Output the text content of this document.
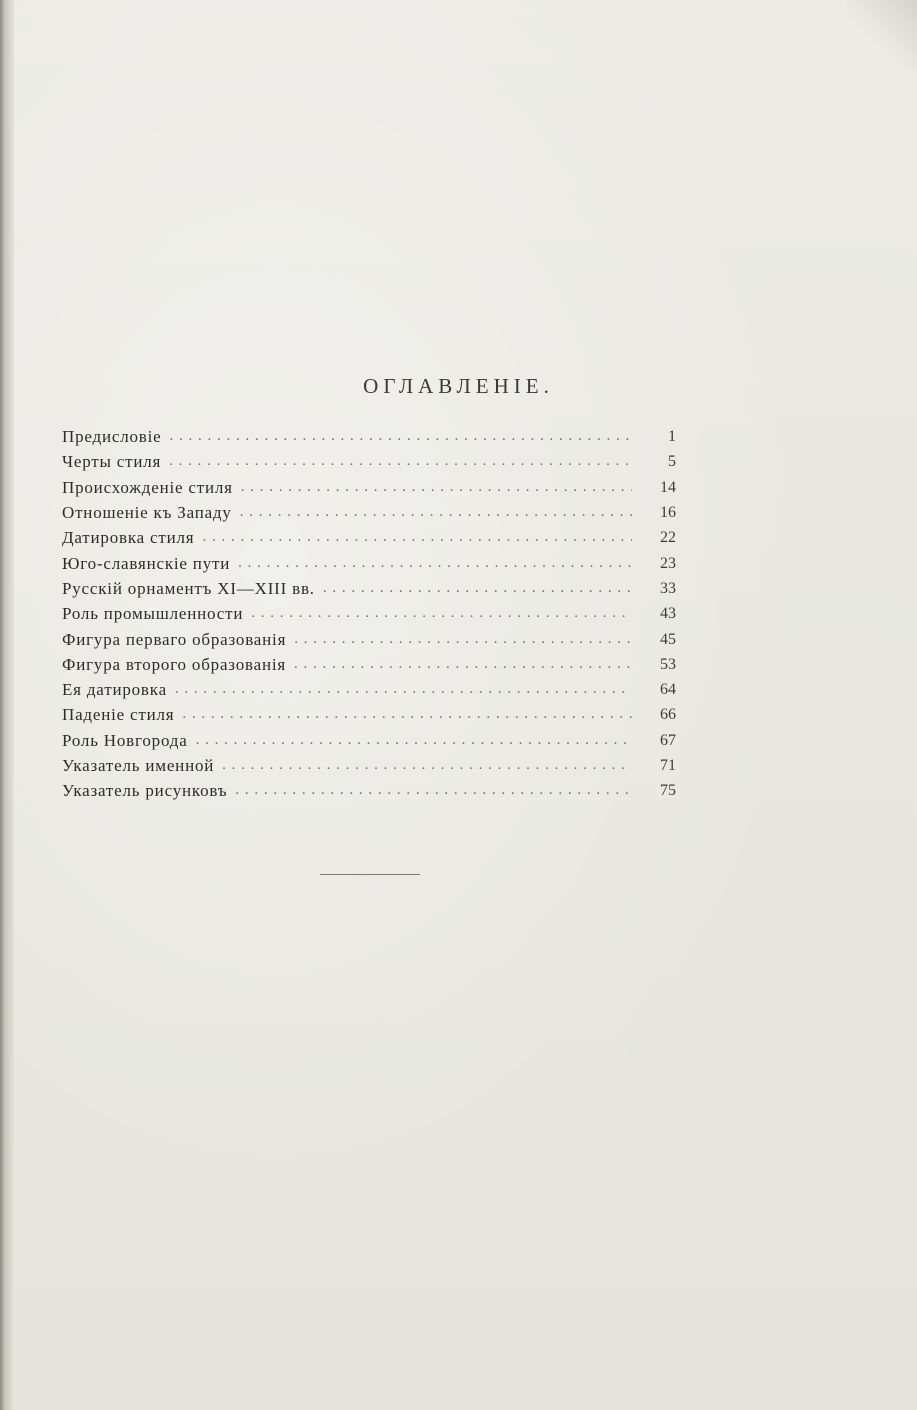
ОГЛАВЛЕНІЕ.
Предисловіе . . .	1
Черты стиля . . .	5
Происхожденіе стиля . . .	14
Отношеніе къ Западу . . .	16
Датировка стиля . . .	22
Юго-славянскіе пути . . .	23
Русскій орнаментъ XI—XIII вв. . . .	33
Роль промышленности . . .	43
Фигура перваго образованія . . .	45
Фигура второго образованія . . .	53
Ея датировка . . .	64
Паденіе стиля . . .	66
Роль Новгорода . . .	67
Указатель именной . . .	71
Указатель рисунковъ . . .	75
